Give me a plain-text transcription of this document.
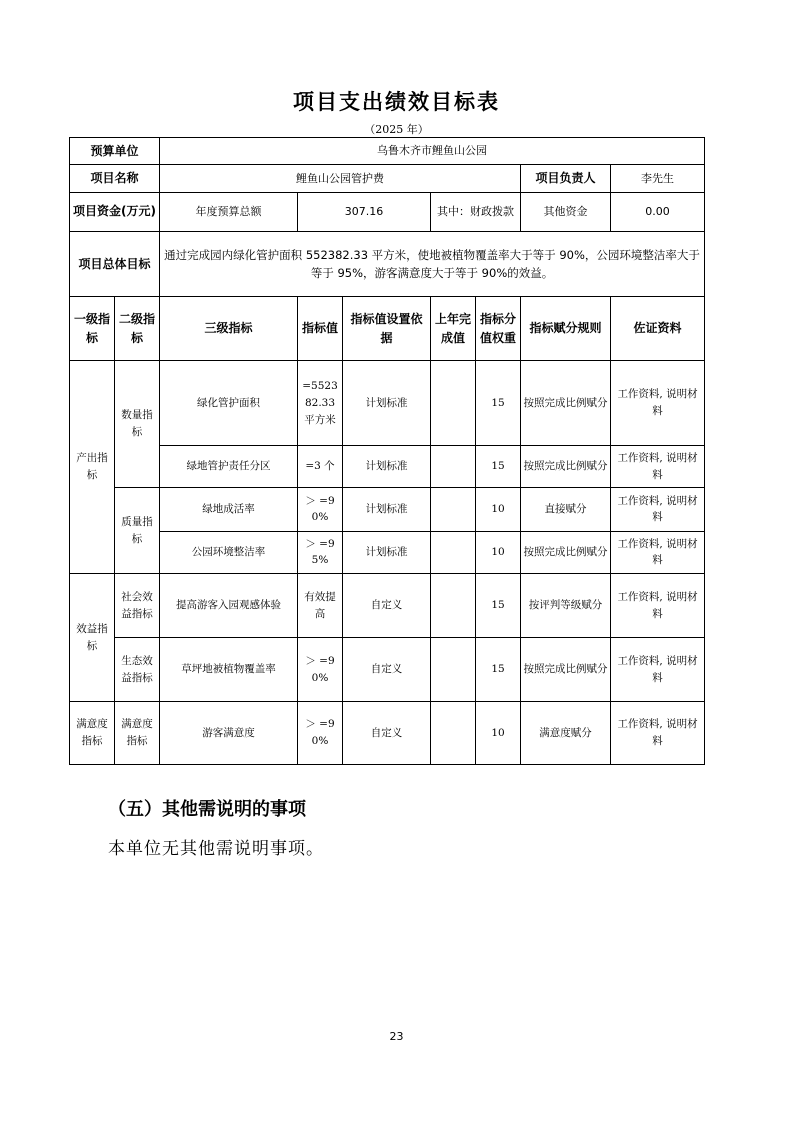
项目支出绩效目标表
（2025 年）
预算单位		乌鲁木齐市鲤鱼山公园						
项目名称		鲤鱼山公园管护费					项目负责人	李先生
项目资金(万元)		年度预算总额	307.16		其中：财政拨款		其他资金	0.00
项目总体目标		通过完成园内绿化管护面积 552382.33 平方米，使地被植物覆盖率大于等于 90%，公园环境整洁率大于等于 95%，游客满意度大于等于 90%的效益。						
一级指标	二级指标	三级指标	指标值	指标值设置依据	上年完成值	指标分值权重	指标赋分规则	佐证资料
产出指标	数量指标	绿化管护面积	=552382.33平方米	计划标准		15	按照完成比例赋分	工作资料, 说明材料
		绿地管护责任分区	=3 个	计划标准		15	按照完成比例赋分	工作资料, 说明材料
	质量指标	绿地成活率	＞ =90%	计划标准		10	直接赋分	工作资料, 说明材料
		公园环境整洁率	＞ =95%	计划标准		10	按照完成比例赋分	工作资料, 说明材料
效益指标	社会效益指标	提高游客入园观感体验	有效提高	自定义		15	按评判等级赋分	工作资料, 说明材料
	生态效益指标	草坪地被植物覆盖率	＞ =90%	自定义		15	按照完成比例赋分	工作资料, 说明材料
满意度指标	满意度指标	游客满意度	＞ =90%	自定义		10	满意度赋分	工作资料, 说明材料
（五）其他需说明的事项
本单位无其他需说明事项。
23
